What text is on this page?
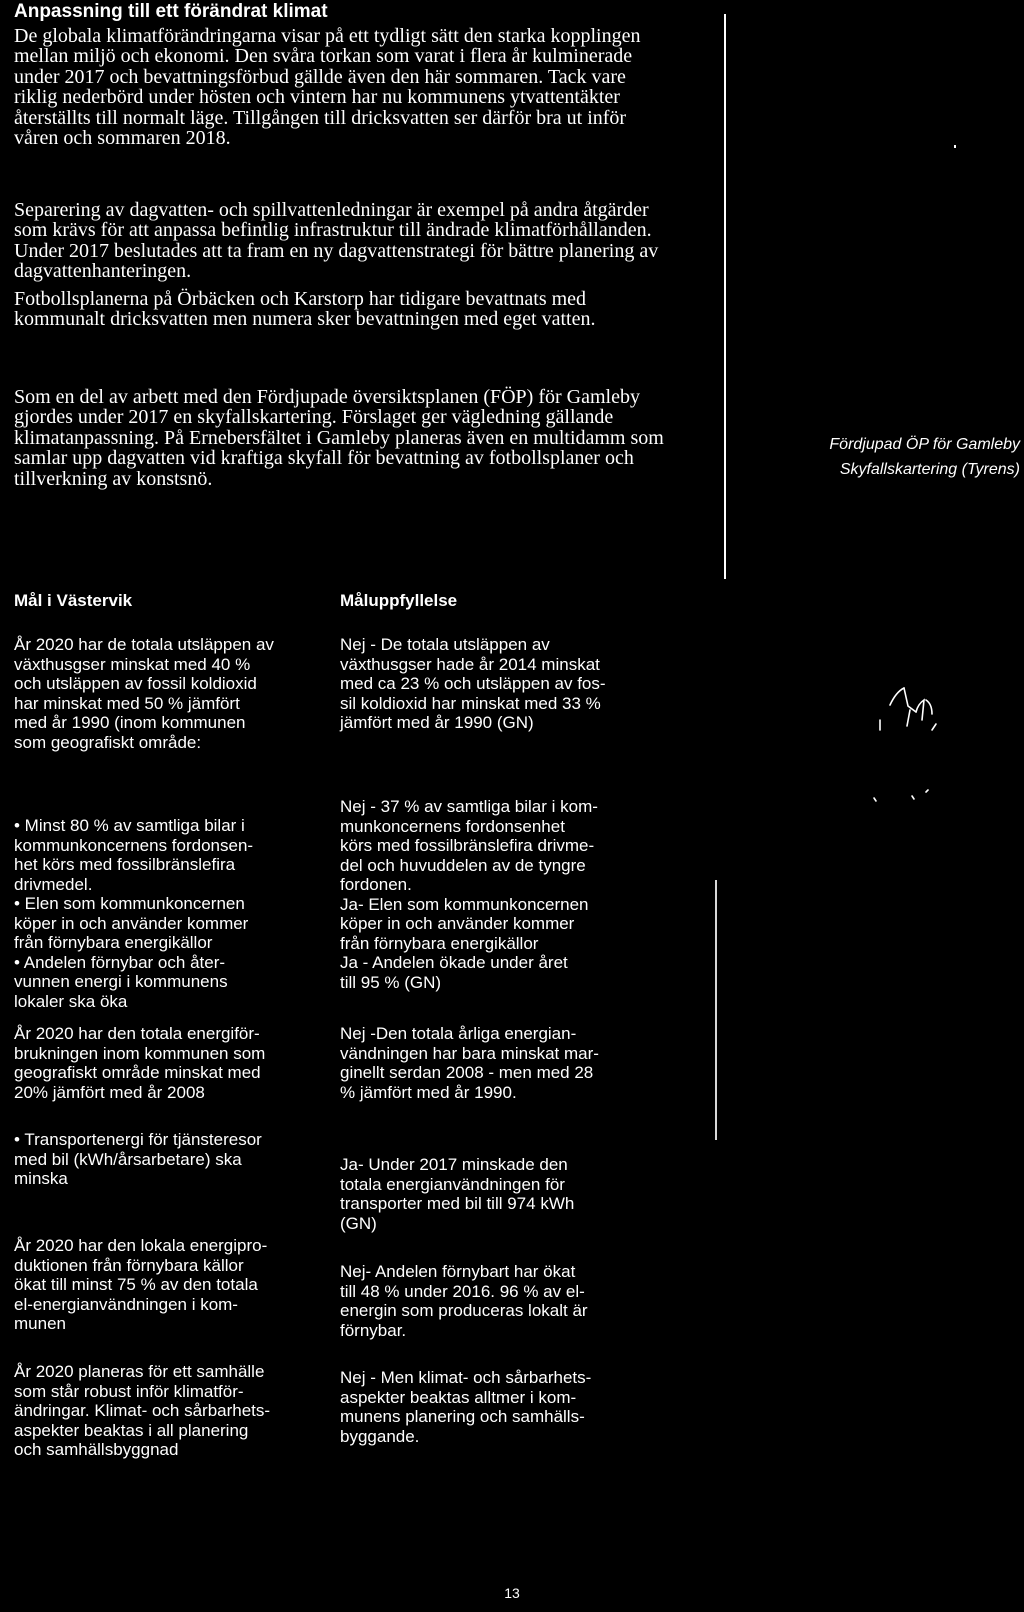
Anpassning till ett förändrat klimat

De globala klimatförändringarna visar på ett tydligt sätt den starka kopplingen mellan miljö och ekonomi. Den svåra torkan som varat i flera år kulminerade under 2017 och bevattningsförbud gällde även den här sommaren. Tack vare riklig nederbörd under hösten och vintern har nu kommunens ytvattentäkter återställts till normalt läge. Tillgången till dricksvatten ser därför bra ut inför våren och sommaren 2018.

Separering av dagvatten- och spillvattenledningar är exempel på andra åtgärder som krävs för att anpassa befintlig infrastruktur till ändrade klimatförhållanden. Under 2017 beslutades att ta fram en ny dagvattenstrategi för bättre planering av dagvattenhanteringen.

Fotbollsplanerna på Örbäcken och Karstorp har tidigare bevattnats med kommunalt dricksvatten men numera sker bevattningen med eget vatten.

Som en del av arbett med den Fördjupade översiktsplanen (FÖP) för Gamleby gjordes under 2017 en skyfallskartering. Förslaget ger vägledning gällande klimatanpassning. På Ernebersfältet i Gamleby planeras även en multidamm som samlar upp dagvatten vid kraftiga skyfall för bevattning av fotbollsplaner och tillverkning av konstsnö.

Fördjupad ÖP för Gamleby
Skyfallskartering (Tyrens)
Mål i Västervik	Måluppfyllelse
År 2020 har de totala utsläppen av
växthusgser minskat med 40 %
och utsläppen av fossil koldioxid
har minskat med 50 % jämfört
med år 1990 (inom kommunen
som geografiskt område:
• Minst 80 % av samtliga bilar i
kommunkoncernens fordonsen-
het körs med fossilbränslefira
drivmedel.
• Elen som kommunkoncernen
köper in och använder kommer
från förnybara energikällor
• Andelen förnybar och åter-
vunnen energi i kommunens
lokaler ska öka
År 2020 har den totala energiför-
brukningen inom kommunen som
geografiskt område minskat med
20% jämfört med år 2008
• Transportenergi för tjänsteresor
med bil (kWh/årsarbetare) ska
minska
År 2020 har den lokala energipro-
duktionen från förnybara källor
ökat till minst 75 % av den totala
el-energianvändningen i kom-
munen
År 2020 planeras för ett samhälle
som står robust inför klimatför-
ändringar. Klimat- och sårbarhets-
aspekter beaktas i all planering
och samhällsbyggnad
Nej - De totala utsläppen av
växthusgser hade år 2014 minskat
med ca 23 % och utsläppen av fos-
sil koldioxid har minskat med 33 %
jämfört med år 1990 (GN)
Nej - 37 % av samtliga bilar i kom-
munkoncernens fordonsenhet
körs med fossilbränslefira drivme-
del och huvuddelen av de tyngre
fordonen.
Ja- Elen som kommunkoncernen
köper in och använder kommer
från förnybara energikällor
Ja - Andelen ökade under året
till 95 % (GN)
Nej -Den totala årliga energian-
vändningen har bara minskat mar-
ginellt serdan 2008 - men med 28
% jämfört med år 1990.
Ja- Under 2017 minskade den
totala energianvändningen för
transporter med bil till 974 kWh
(GN)
Nej- Andelen förnybart har ökat
till 48 % under 2016. 96 % av el-
energin som produceras lokalt är
förnybar.
Nej - Men klimat- och sårbarhets-
aspekter beaktas alltmer i kom-
munens planering och samhälls-
byggande.
13
